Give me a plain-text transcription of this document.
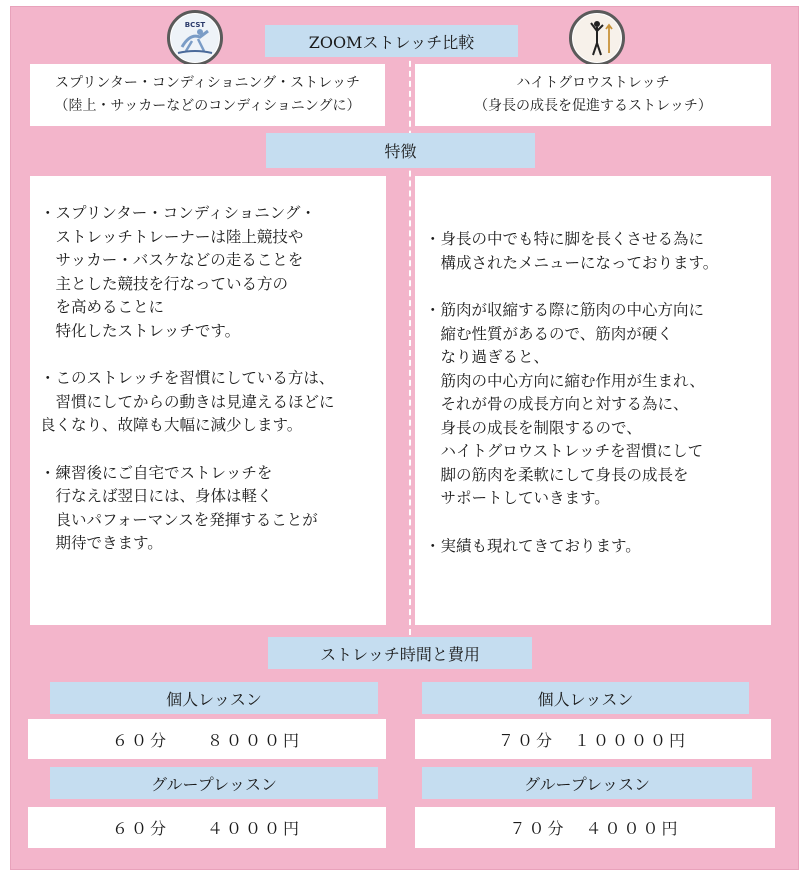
BCST
ZOOMストレッチ比較
スプリンター・コンディショニング・ストレッチ
（陸上・サッカーなどのコンディショニングに）
ハイトグロウストレッチ
（身長の成長を促進するストレッチ）
特徴
・スプリンター・コンディショニング・
　ストレッチトレーナーは陸上競技や
　サッカー・バスケなどの走ることを
　主とした競技を行なっている方の
　を高めることに
　特化したストレッチです。
・このストレッチを習慣にしている方は、
　習慣にしてからの動きは見違えるほどに
良くなり、故障も大幅に減少します。
・練習後にご自宅でストレッチを
　行なえば翌日には、身体は軽く
　良いパフォーマンスを発揮することが
　期待できます。
・身長の中でも特に脚を長くさせる為に
　構成されたメニューになっております。
・筋肉が収縮する際に筋肉の中心方向に
　縮む性質があるので、筋肉が硬く
　なり過ぎると、
　筋肉の中心方向に縮む作用が生まれ、
　それが骨の成長方向と対する為に、
　身長の成長を制限するので、
　ハイトグロウストレッチを習慣にして
　脚の筋肉を柔軟にして身長の成長を
　サポートしていきます。
・実績も現れてきております。
ストレッチ時間と費用
個人レッスン
６０分　　８０００円
グループレッスン
６０分　　４０００円
個人レッスン
７０分　１００００円
グループレッスン
７０分　４０００円
